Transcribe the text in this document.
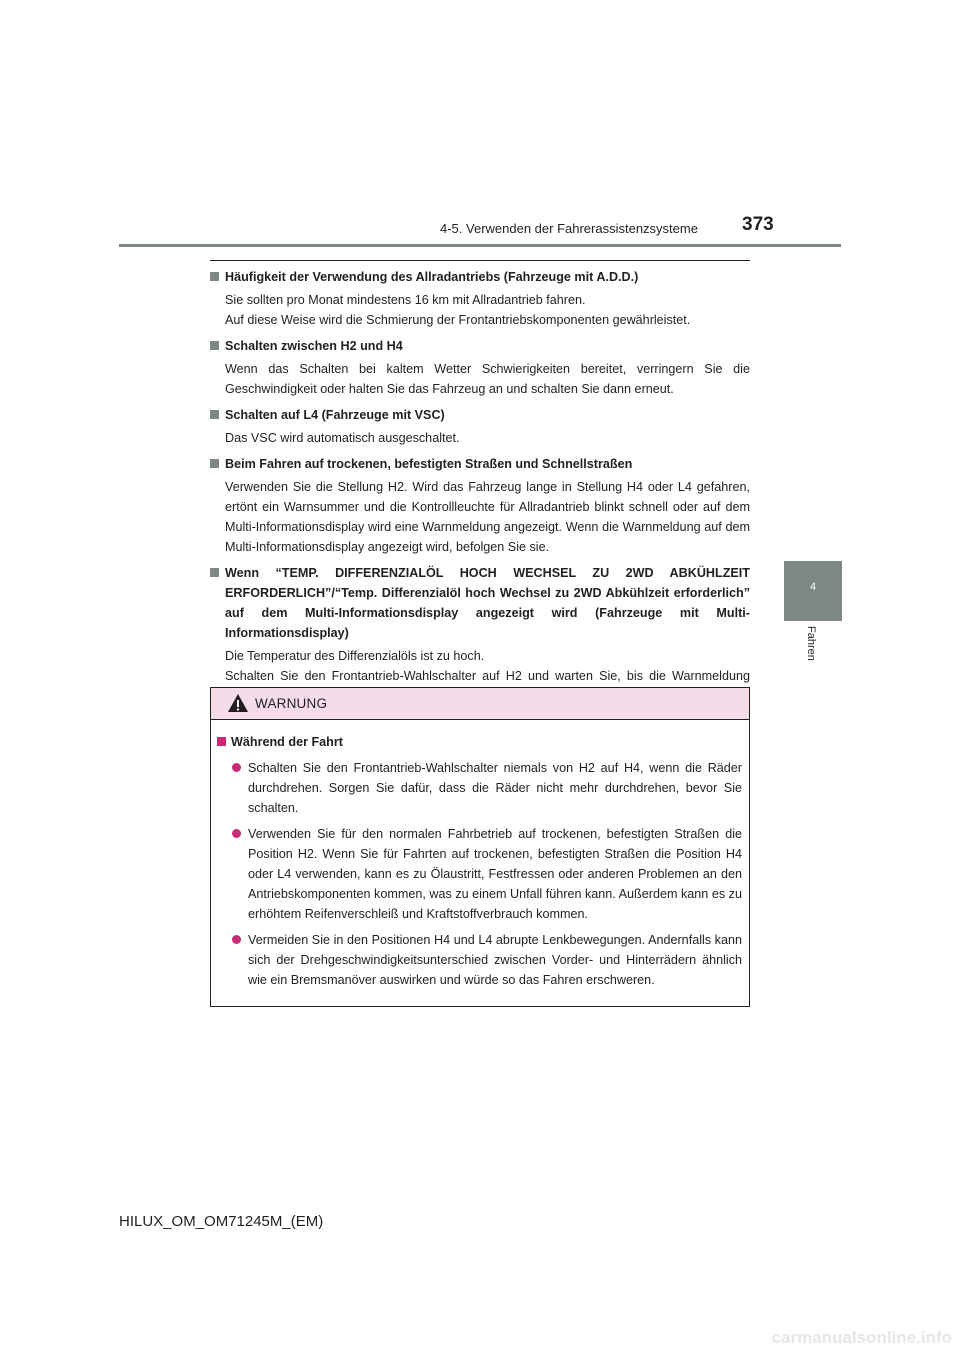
4-5. Verwenden der Fahrerassistenzsysteme 373
4
Fahren
Häufigkeit der Verwendung des Allradantriebs (Fahrzeuge mit A.D.D.)
Sie sollten pro Monat mindestens 16 km mit Allradantrieb fahren.
Auf diese Weise wird die Schmierung der Frontantriebskomponenten gewährleistet.
Schalten zwischen H2 und H4
Wenn das Schalten bei kaltem Wetter Schwierigkeiten bereitet, verringern Sie die Geschwindigkeit oder halten Sie das Fahrzeug an und schalten Sie dann erneut.
Schalten auf L4 (Fahrzeuge mit VSC)
Das VSC wird automatisch ausgeschaltet.
Beim Fahren auf trockenen, befestigten Straßen und Schnellstraßen
Verwenden Sie die Stellung H2. Wird das Fahrzeug lange in Stellung H4 oder L4 gefahren, ertönt ein Warnsummer und die Kontrollleuchte für Allradantrieb blinkt schnell oder auf dem Multi-Informationsdisplay wird eine Warnmeldung angezeigt. Wenn die Warnmeldung auf dem Multi-Informationsdisplay angezeigt wird, befolgen Sie sie.
Wenn “TEMP. DIFFERENZIALÖL HOCH WECHSEL ZU 2WD ABKÜHLZEIT ERFORDERLICH”/“Temp. Differenzialöl hoch Wechsel zu 2WD Abkühlzeit erforderlich” auf dem Multi-Informationsdisplay angezeigt wird (Fahrzeuge mit Multi-Informationsdisplay)
Die Temperatur des Differenzialöls ist zu hoch.
Schalten Sie den Frontantrieb-Wahlschalter auf H2 und warten Sie, bis die Warnmeldung
WARNUNG
Während der Fahrt
Schalten Sie den Frontantrieb-Wahlschalter niemals von H2 auf H4, wenn die Räder durchdrehen. Sorgen Sie dafür, dass die Räder nicht mehr durchdrehen, bevor Sie schalten.
Verwenden Sie für den normalen Fahrbetrieb auf trockenen, befestigten Straßen die Position H2. Wenn Sie für Fahrten auf trockenen, befestigten Straßen die Position H4 oder L4 verwenden, kann es zu Ölaustritt, Festfressen oder anderen Problemen an den Antriebskomponenten kommen, was zu einem Unfall führen kann. Außerdem kann es zu erhöhtem Reifenverschleiß und Kraftstoffverbrauch kommen.
Vermeiden Sie in den Positionen H4 und L4 abrupte Lenkbewegungen. Andernfalls kann sich der Drehgeschwindigkeitsunterschied zwischen Vorder- und Hinterrädern ähnlich wie ein Bremsmanöver auswirken und würde so das Fahren erschweren.
HILUX_OM_OM71245M_(EM)
carmanualsonline.info
